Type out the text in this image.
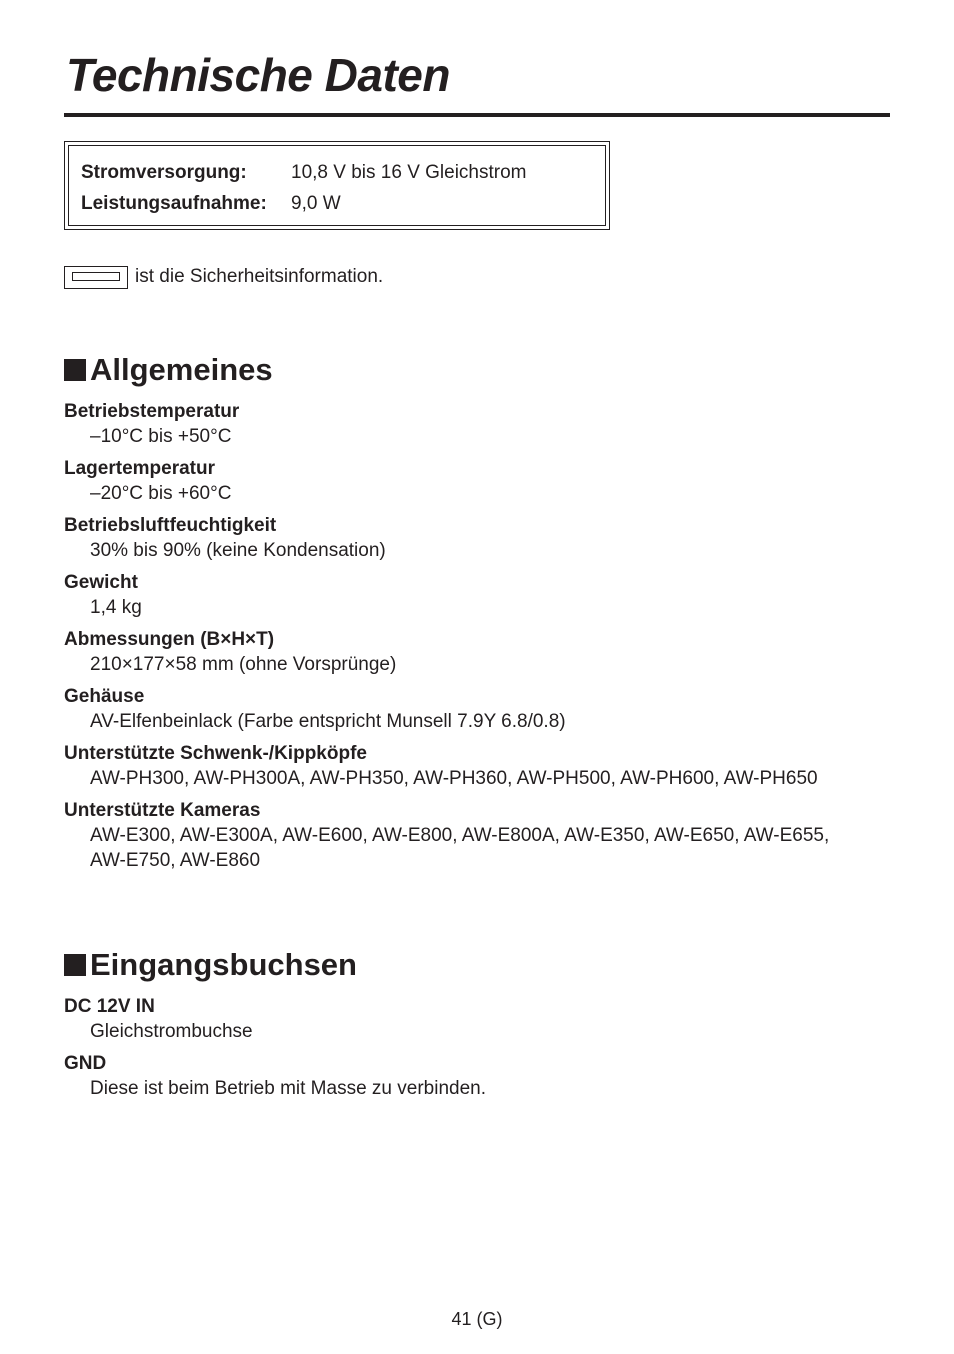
Technische Daten
Stromversorgung: 10,8 V bis 16 V Gleichstrom
Leistungsaufnahme: 9,0 W
ist die Sicherheitsinformation.
Allgemeines
Betriebstemperatur
–10°C bis +50°C
Lagertemperatur
–20°C bis +60°C
Betriebsluftfeuchtigkeit
30% bis 90% (keine Kondensation)
Gewicht
1,4 kg
Abmessungen (B×H×T)
210×177×58 mm (ohne Vorsprünge)
Gehäuse
AV-Elfenbeinlack (Farbe entspricht Munsell 7.9Y 6.8/0.8)
Unterstützte Schwenk-/Kippköpfe
AW-PH300, AW-PH300A, AW-PH350, AW-PH360, AW-PH500, AW-PH600, AW-PH650
Unterstützte Kameras
AW-E300, AW-E300A, AW-E600, AW-E800, AW-E800A, AW-E350, AW-E650, AW-E655,
AW-E750, AW-E860
Eingangsbuchsen
DC 12V IN
Gleichstrombuchse
GND
Diese ist beim Betrieb mit Masse zu verbinden.
41 (G)
